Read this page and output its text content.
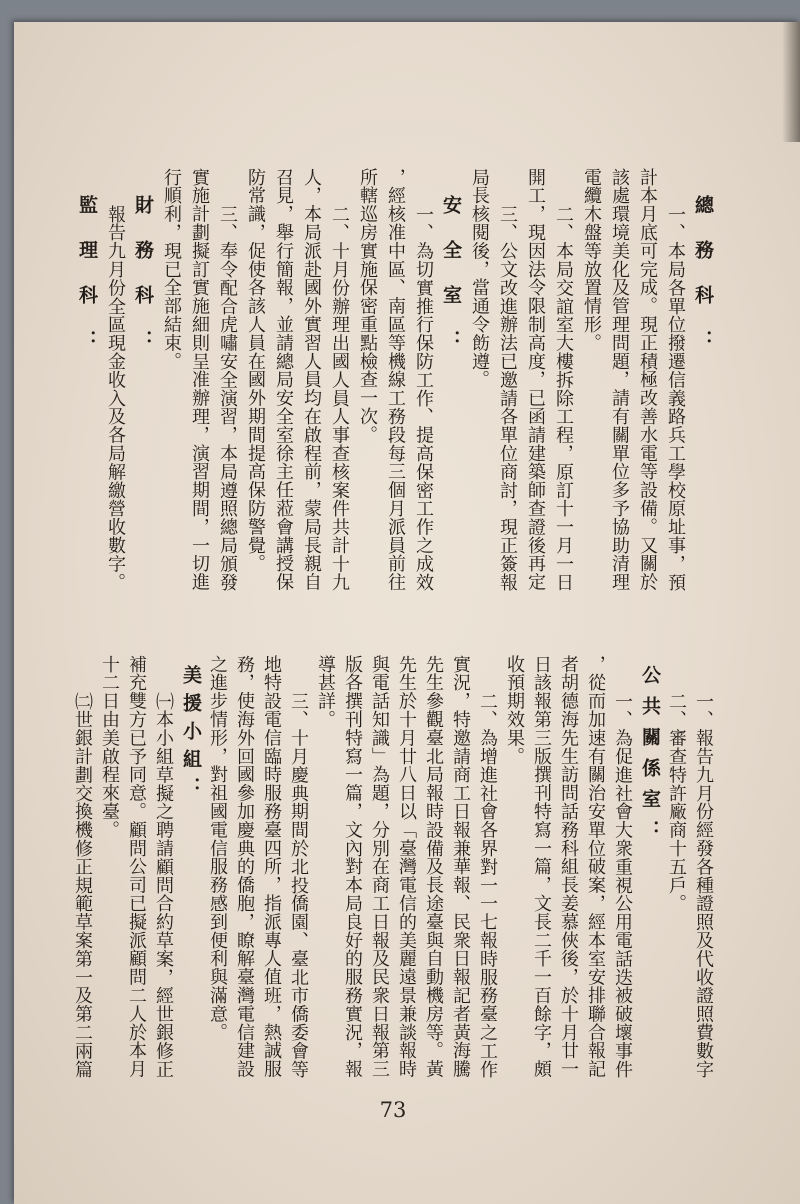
總務科：
一、本局各單位撥遷信義路兵工學校原址事，預
計本月底可完成。現正積極改善水電等設備。又關於
該處環境美化及管理問題，請有關單位多予協助清理
電纜木盤等放置情形。
二、本局交誼室大樓拆除工程，原訂十一月一日
開工，現因法令限制高度，已函請建築師查證後再定
三、公文改進辦法已邀請各單位商討，現正簽報
局長核閱後，當通令飭遵。
安全室：
一、為切實推行保防工作、提高保密工作之成效
，經核准中區、南區等機線工務段每三個月派員前往
所轄巡房實施保密重點檢查一次。
二、十月份辦理出國人員人事查核案件共計十九
人，本局派赴國外實習人員均在啟程前，蒙局長親自
召見，舉行簡報，並請總局安全室徐主任蒞會講授保
防常識，促使各該人員在國外期間提高保防警覺。
三、奉令配合虎嘯安全演習，本局遵照總局頒發
實施計劃擬訂實施細則呈准辦理，演習期間，一切進
行順利，現已全部結束。
財務科：
報告九月份全區現金收入及各局解繳營收數字。
監理科：
一、報告九月份經發各種證照及代收證照費數字
二、審查特許廠商十五戶。
公共關係室：
一、為促進社會大衆重視公用電話迭被破壞事件
，從而加速有關治安單位破案，經本室安排聯合報記
者胡德海先生訪問話務科組長姜慕俠後，於十月廿一
日該報第三版撰刊特寫一篇，文長二千一百餘字，頗
收預期效果。
二、為增進社會各界對一一七報時服務臺之工作
實況，特邀請商工日報兼華報、民衆日報記者黃海騰
先生參觀臺北局報時設備及長途臺與自動機房等。黃
先生於十月廿八日以「臺灣電信的美麗遠景兼談報時
與電話知識」為題，分別在商工日報及民衆日報第三
版各撰刊特寫一篇，文內對本局良好的服務實況，報
導甚詳。
三、十月慶典期間於北投僑園、臺北市僑委會等
地特設電信臨時服務臺四所，指派專人值班，熱誠服
務，使海外回國參加慶典的僑胞，瞭解臺灣電信建設
之進步情形，對祖國電信服務感到便利與滿意。
美援小組：
㈠本小組草擬之聘請顧問合約草案，經世銀修正
補充雙方已予同意。顧問公司已擬派顧問二人於本月
十二日由美啟程來臺。
㈡世銀計劃交換機修正規範草案第一及第二兩篇
73
